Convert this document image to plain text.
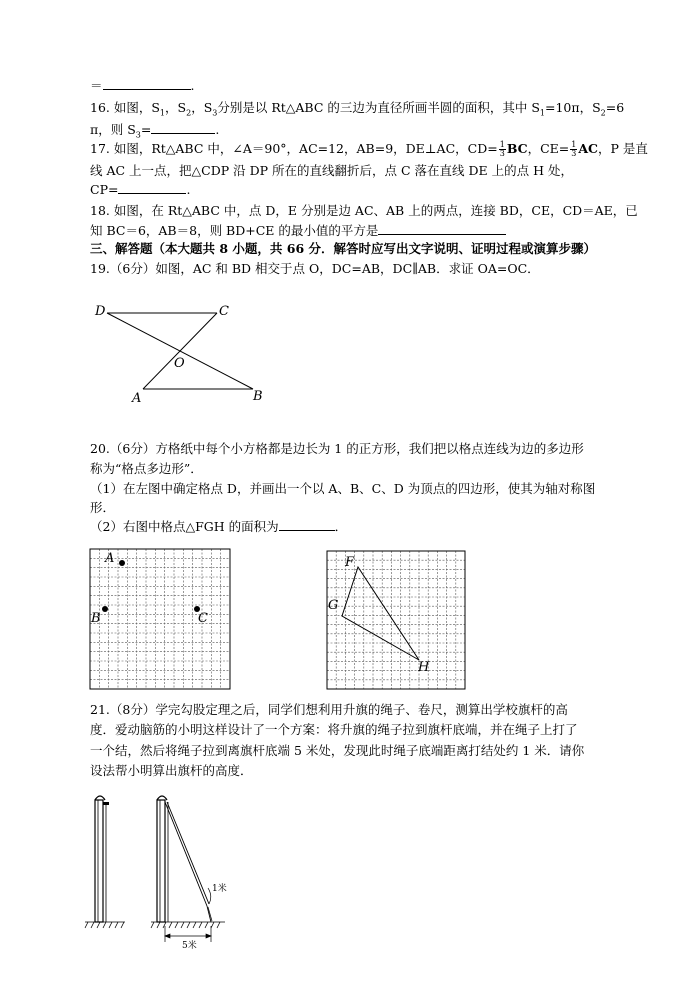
＝	.
16. 如图，$S_1$，$S_2$，$S_3$分别是以 Rt△ABC 的三边为直径所画半圆的面积，其中 $S_1=10\pi$，$S_2=6$
π，则 $S_3=$	.
17. 如图，Rt△ABC 中，∠A＝90°，AC=12，AB=9，DE⊥AC，$CD= \frac{1}{3}$ BC，$CE= \frac{1}{3}$ AC，P 是直
线 AC 上一点，把△CDP 沿 DP 所在的直线翻折后，点 C 落在直线 DE 上的点 H 处，
CP=	.
18. 如图，在 Rt△ABC 中，点 D，E 分别是边 AC、AB 上的两点，连接 BD，CE，CD＝AE，已
知 BC＝6，AB＝8，则 BD+CE 的最小值的平方是
三、解答题（本大题共 8 小题，共 66 分．解答时应写出文字说明、证明过程或演算步骤）
19.（6分）如图，AC 和 BD 相交于点 O，DC=AB，DC∥AB．求证 OA=OC．
D	C
O
A	B
20.（6分）方格纸中每个小方格都是边长为 1 的正方形，我们把以格点连线为边的多边形
称为“格点多边形”．
（1）在左图中确定格点 D，并画出一个以 A、B、C、D 为顶点的四边形，使其为轴对称图
形．
（2）右图中格点△FGH 的面积为	．
A
B	C
F
G
H
21.（8分）学完勾股定理之后，同学们想利用升旗的绳子、卷尺，测算出学校旗杆的高
度．爱动脑筋的小明这样设计了一个方案：将升旗的绳子拉到旗杆底端，并在绳子上打了
一个结，然后将绳子拉到离旗杆底端 5 米处，发现此时绳子底端距离打结处约 1 米．请你
设法帮小明算出旗杆的高度．
1米
5米
